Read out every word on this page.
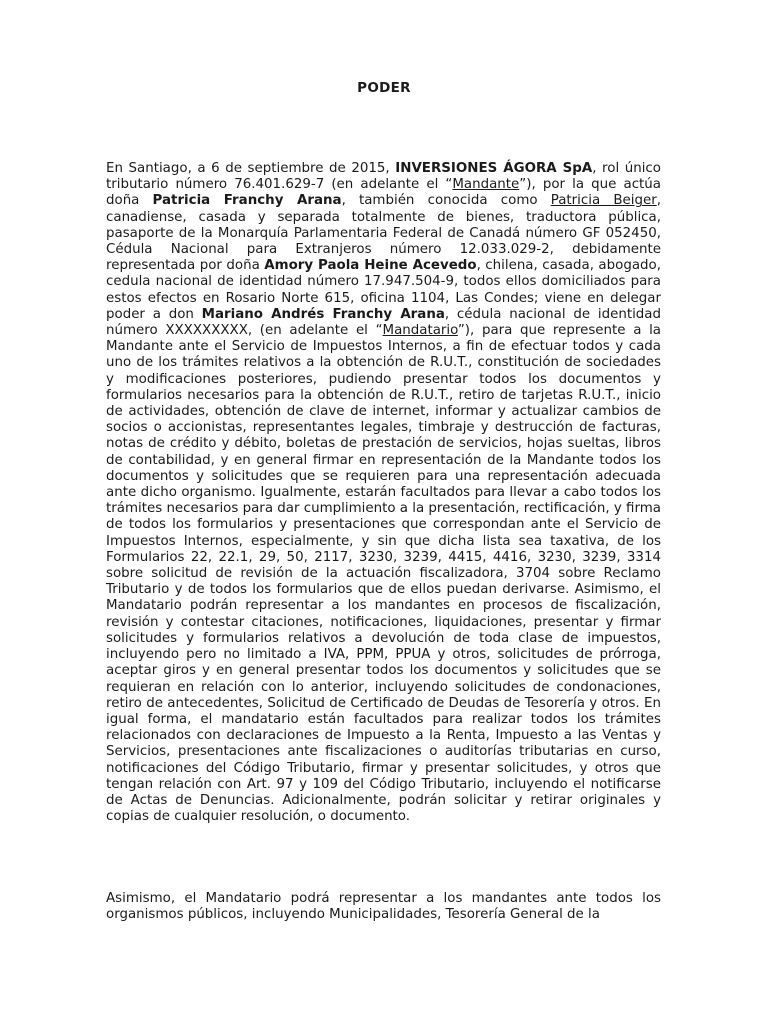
PODER

En Santiago, a 6 de septiembre de 2015, INVERSIONES ÁGORA SpA, rol único tributario número 76.401.629-7 (en adelante el “Mandante”), por la que actúa doña Patricia Franchy Arana, también conocida como Patricia Beiger, canadiense, casada y separada totalmente de bienes, traductora pública, pasaporte de la Monarquía Parlamentaria Federal de Canadá número GF 052450, Cédula Nacional para Extranjeros número 12.033.029-2, debidamente representada por doña Amory Paola Heine Acevedo, chilena, casada, abogado, cedula nacional de identidad número 17.947.504-9, todos ellos domiciliados para estos efectos en Rosario Norte 615, oficina 1104, Las Condes; viene en delegar poder a don Mariano Andrés Franchy Arana, cédula nacional de identidad número XXXXXXXXX, (en adelante el “Mandatario”), para que represente a la Mandante ante el Servicio de Impuestos Internos, a fin de efectuar todos y cada uno de los trámites relativos a la obtención de R.U.T., constitución de sociedades y modificaciones posteriores, pudiendo presentar todos los documentos y formularios necesarios para la obtención de R.U.T., retiro de tarjetas R.U.T., inicio de actividades, obtención de clave de internet, informar y actualizar cambios de socios o accionistas, representantes legales, timbraje y destrucción de facturas, notas de crédito y débito, boletas de prestación de servicios, hojas sueltas, libros de contabilidad, y en general firmar en representación de la Mandante todos los documentos y solicitudes que se requieren para una representación adecuada ante dicho organismo. Igualmente, estarán facultados para llevar a cabo todos los trámites necesarios para dar cumplimiento a la presentación, rectificación, y firma de todos los formularios y presentaciones que correspondan ante el Servicio de Impuestos Internos, especialmente, y sin que dicha lista sea taxativa, de los Formularios 22, 22.1, 29, 50, 2117, 3230, 3239, 4415, 4416, 3230, 3239, 3314 sobre solicitud de revisión de la actuación fiscalizadora, 3704 sobre Reclamo Tributario y de todos los formularios que de ellos puedan derivarse. Asimismo, el Mandatario podrán representar a los mandantes en procesos de fiscalización, revisión y contestar citaciones, notificaciones, liquidaciones, presentar y firmar solicitudes y formularios relativos a devolución de toda clase de impuestos, incluyendo pero no limitado a IVA, PPM, PPUA y otros, solicitudes de prórroga, aceptar giros y en general presentar todos los documentos y solicitudes que se requieran en relación con lo anterior, incluyendo solicitudes de condonaciones, retiro de antecedentes, Solicitud de Certificado de Deudas de Tesorería y otros. En igual forma, el mandatario están facultados para realizar todos los trámites relacionados con declaraciones de Impuesto a la Renta, Impuesto a las Ventas y Servicios, presentaciones ante fiscalizaciones o auditorías tributarias en curso, notificaciones del Código Tributario, firmar y presentar solicitudes, y otros que tengan relación con Art. 97 y 109 del Código Tributario, incluyendo el notificarse de Actas de Denuncias. Adicionalmente, podrán solicitar y retirar originales y copias de cualquier resolución, o documento.

Asimismo, el Mandatario podrá representar a los mandantes ante todos los organismos públicos, incluyendo Municipalidades, Tesorería General de la
